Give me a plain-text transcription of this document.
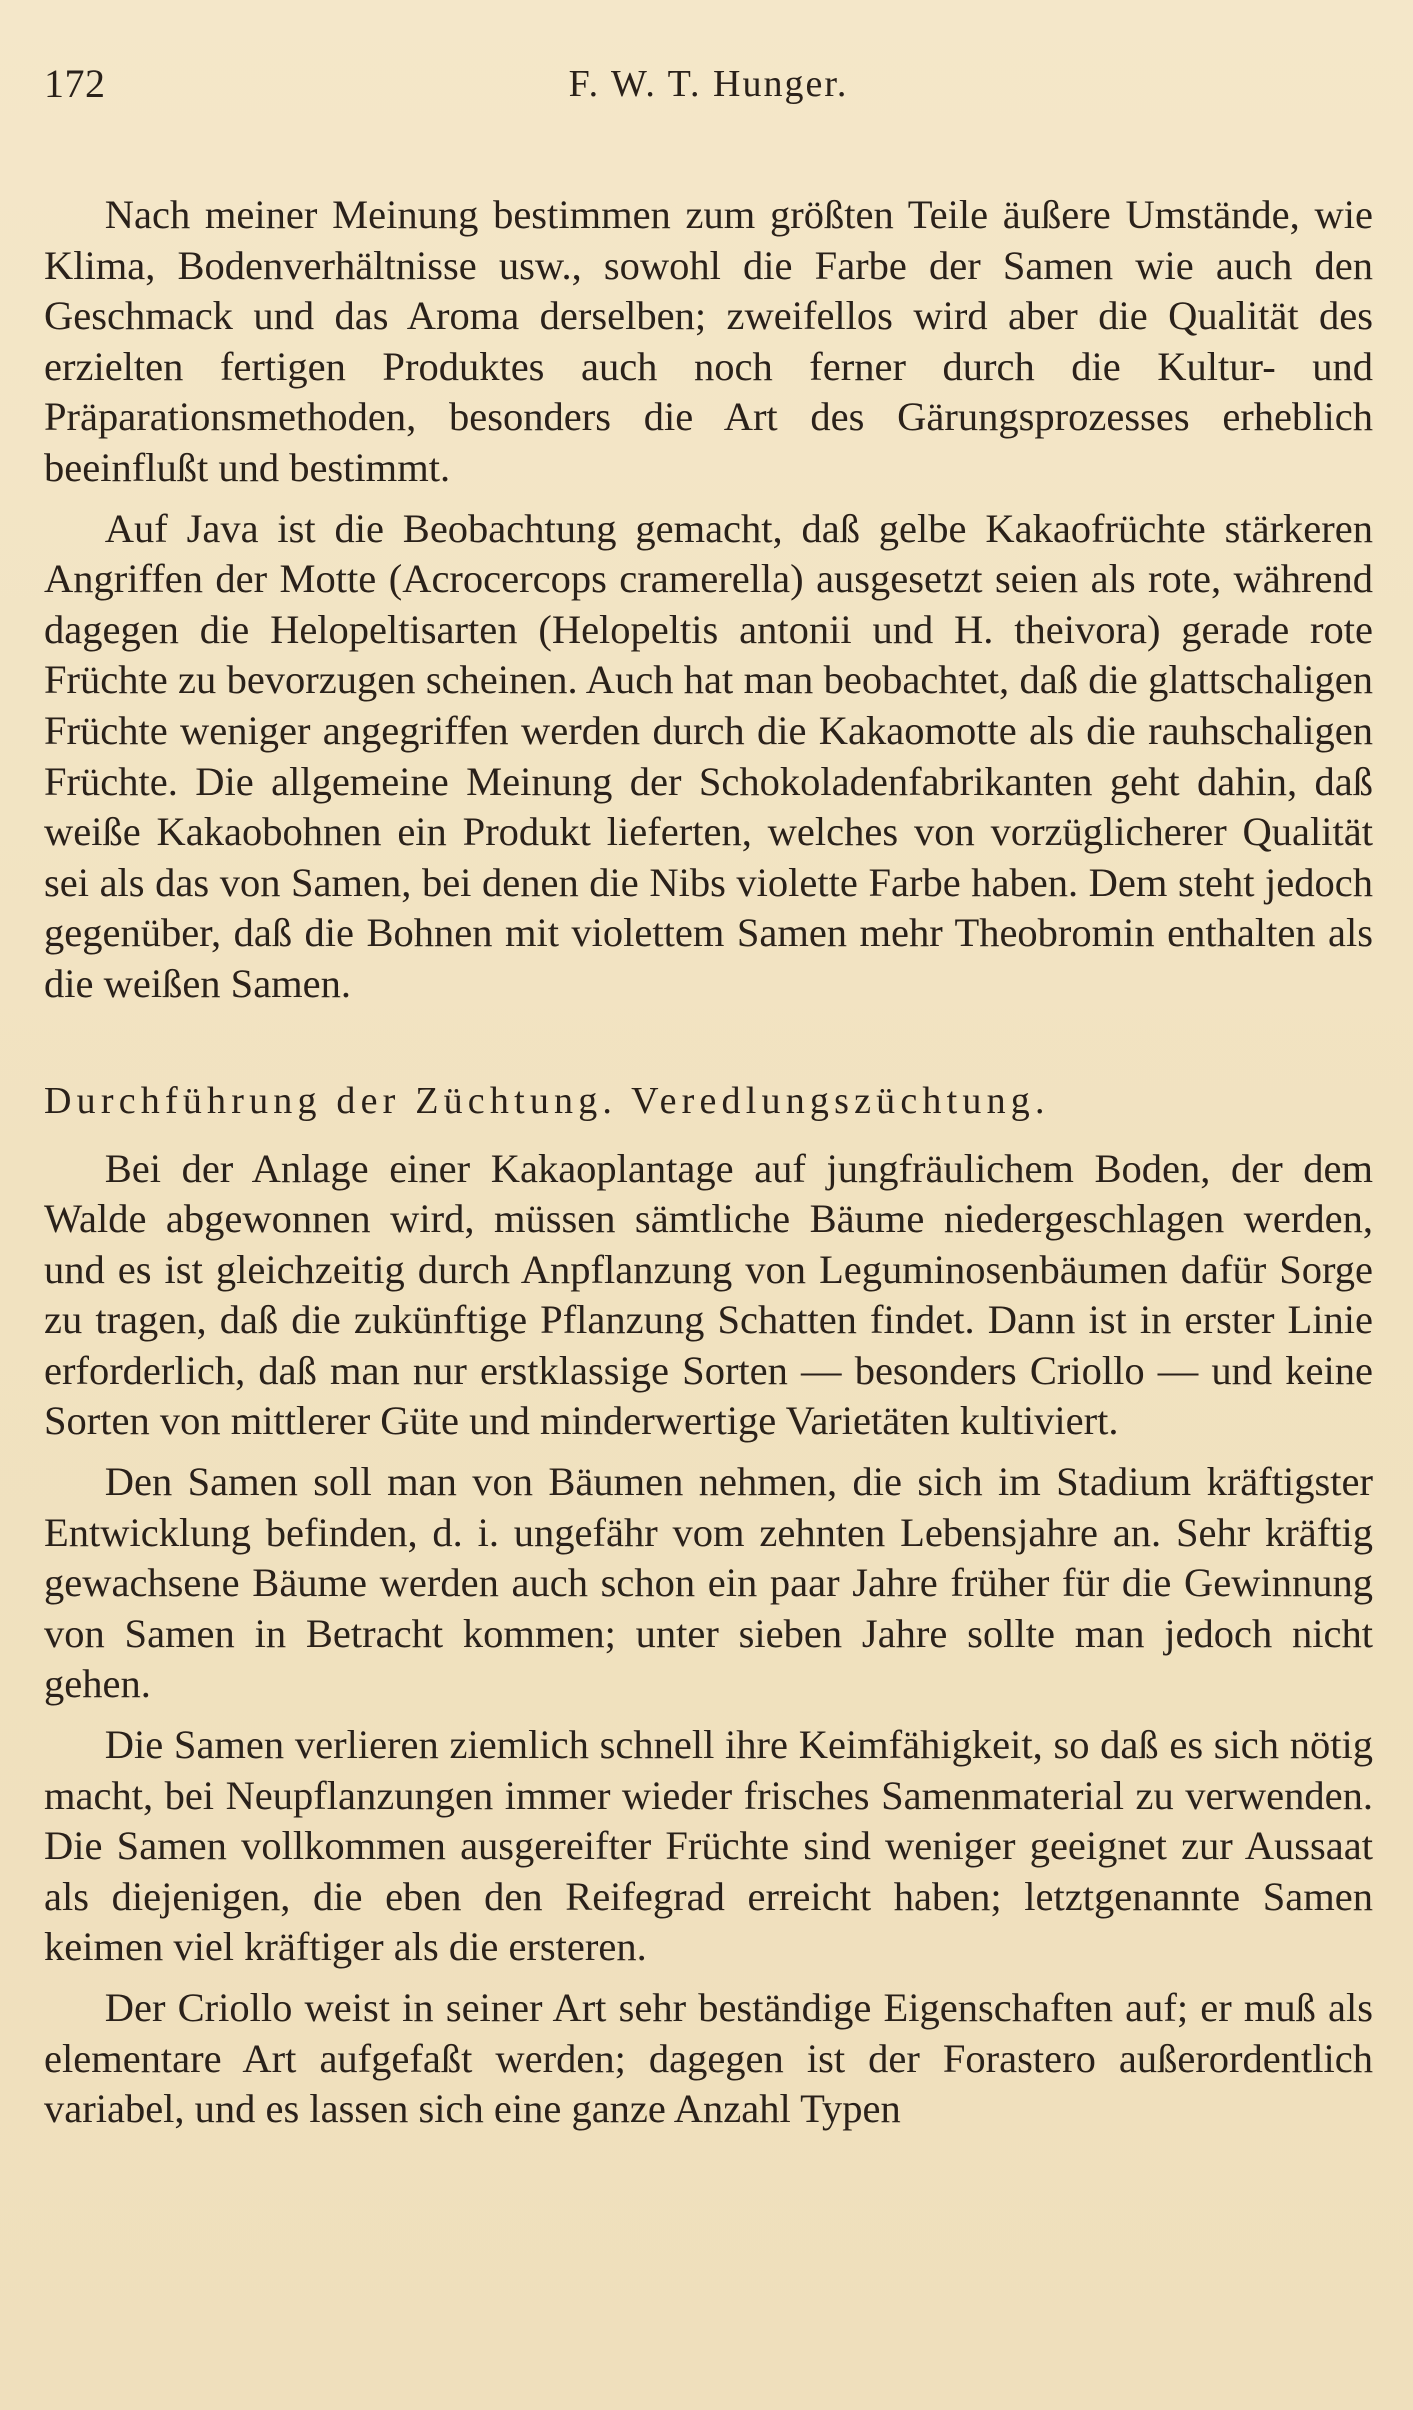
172	F. W. T. Hunger.

Nach meiner Meinung bestimmen zum größten Teile äußere Umstände, wie Klima, Bodenverhältnisse usw., sowohl die Farbe der Samen wie auch den Geschmack und das Aroma derselben; zweifellos wird aber die Qualität des erzielten fertigen Produktes auch noch ferner durch die Kultur- und Präparationsmethoden, besonders die Art des Gärungsprozesses erheblich beeinflußt und bestimmt.

Auf Java ist die Beobachtung gemacht, daß gelbe Kakaofrüchte stärkeren Angriffen der Motte (Acrocercops cramerella) ausgesetzt seien als rote, während dagegen die Helopeltisarten (Helopeltis antonii und H. theivora) gerade rote Früchte zu bevorzugen scheinen. Auch hat man beobachtet, daß die glattschaligen Früchte weniger angegriffen werden durch die Kakaomotte als die rauhschaligen Früchte. Die allgemeine Meinung der Schokoladenfabrikanten geht dahin, daß weiße Kakaobohnen ein Produkt lieferten, welches von vorzüglicherer Qualität sei als das von Samen, bei denen die Nibs violette Farbe haben. Dem steht jedoch gegenüber, daß die Bohnen mit violettem Samen mehr Theobromin enthalten als die weißen Samen.

Durchführung der Züchtung. Veredlungszüchtung.

Bei der Anlage einer Kakaoplantage auf jungfräulichem Boden, der dem Walde abgewonnen wird, müssen sämtliche Bäume niedergeschlagen werden, und es ist gleichzeitig durch Anpflanzung von Leguminosenbäumen dafür Sorge zu tragen, daß die zukünftige Pflanzung Schatten findet. Dann ist in erster Linie erforderlich, daß man nur erstklassige Sorten — besonders Criollo — und keine Sorten von mittlerer Güte und minderwertige Varietäten kultiviert.

Den Samen soll man von Bäumen nehmen, die sich im Stadium kräftigster Entwicklung befinden, d. i. ungefähr vom zehnten Lebensjahre an. Sehr kräftig gewachsene Bäume werden auch schon ein paar Jahre früher für die Gewinnung von Samen in Betracht kommen; unter sieben Jahre sollte man jedoch nicht gehen.

Die Samen verlieren ziemlich schnell ihre Keimfähigkeit, so daß es sich nötig macht, bei Neupflanzungen immer wieder frisches Samenmaterial zu verwenden. Die Samen vollkommen ausgereifter Früchte sind weniger geeignet zur Aussaat als diejenigen, die eben den Reifegrad erreicht haben; letztgenannte Samen keimen viel kräftiger als die ersteren.

Der Criollo weist in seiner Art sehr beständige Eigenschaften auf; er muß als elementare Art aufgefaßt werden; dagegen ist der Forastero außerordentlich variabel, und es lassen sich eine ganze Anzahl Typen
